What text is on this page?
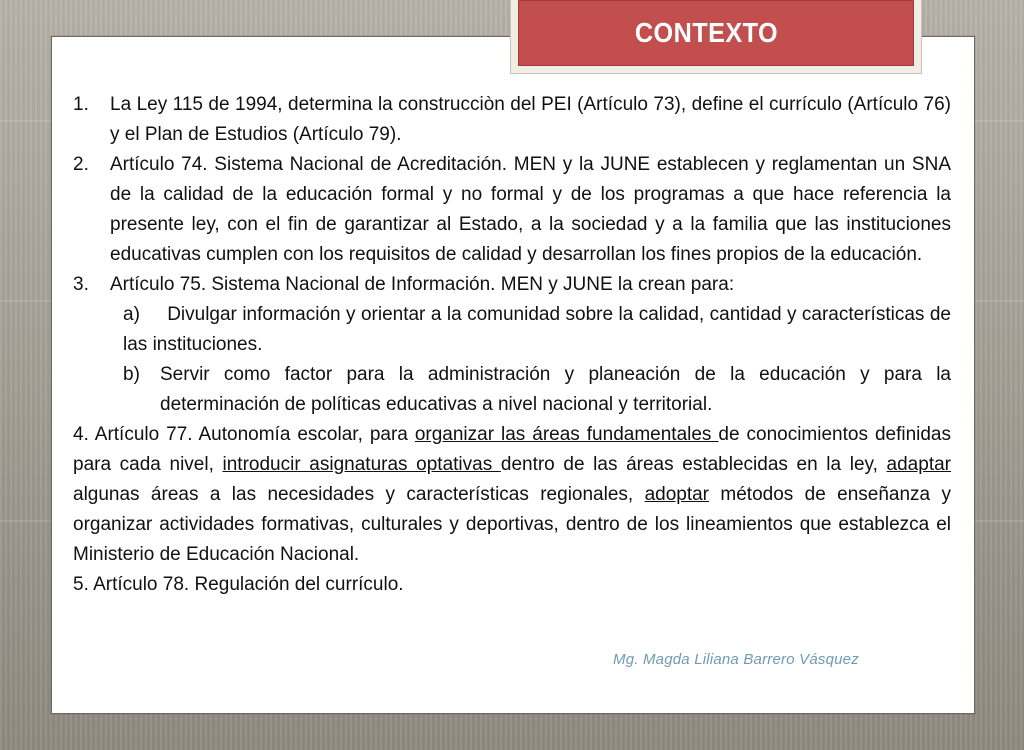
CONTEXTO
1. La Ley 115 de 1994, determina la construcciòn del PEI (Artículo 73), define el currículo (Artículo 76) y el Plan de Estudios (Artículo 79).
2. Artículo 74. Sistema Nacional de Acreditación. MEN y la JUNE establecen y reglamentan un SNA de la calidad de la educación formal y no formal y de los programas a que hace referencia la presente ley, con el fin de garantizar al Estado, a la sociedad y a la familia que las instituciones educativas cumplen con los requisitos de calidad y desarrollan los fines propios de la educación.
3. Artículo 75. Sistema Nacional de Información. MEN y JUNE la crean para:
a) Divulgar información y orientar a la comunidad sobre la calidad, cantidad y características de las instituciones.
b) Servir como factor para la administración y planeación de la educación y para la determinación de políticas educativas a nivel nacional y territorial.
4. Artículo 77. Autonomía escolar, para organizar las áreas fundamentales de conocimientos definidas para cada nivel, introducir asignaturas optativas dentro de las áreas establecidas en la ley, adaptar algunas áreas a las necesidades y características regionales, adoptar métodos de enseñanza y organizar actividades formativas, culturales y deportivas, dentro de los lineamientos que establezca el Ministerio de Educación Nacional.
5. Artículo 78. Regulación del currículo.
Mg. Magda Liliana Barrero Vásquez
